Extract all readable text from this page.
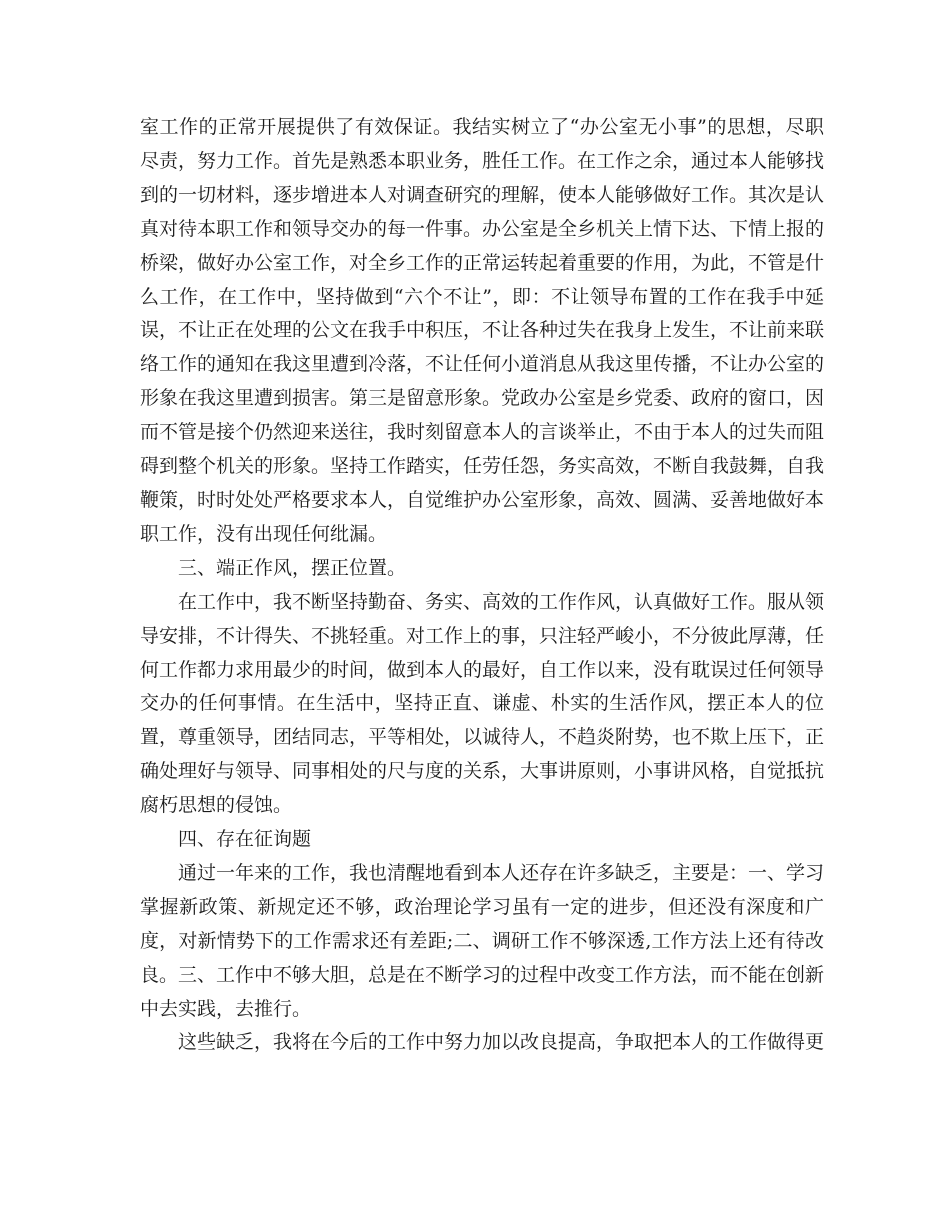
室工作的正常开展提供了有效保证。我结实树立了“办公室无小事”的思想，尽职尽责，努力工作。首先是熟悉本职业务，胜任工作。在工作之余，通过本人能够找到的一切材料，逐步增进本人对调查研究的理解，使本人能够做好工作。其次是认真对待本职工作和领导交办的每一件事。办公室是全乡机关上情下达、下情上报的桥梁，做好办公室工作，对全乡工作的正常运转起着重要的作用，为此，不管是什么工作，在工作中，坚持做到“六个不让”，即：不让领导布置的工作在我手中延误，不让正在处理的公文在我手中积压，不让各种过失在我身上发生，不让前来联络工作的通知在我这里遭到冷落，不让任何小道消息从我这里传播，不让办公室的形象在我这里遭到损害。第三是留意形象。党政办公室是乡党委、政府的窗口，因而不管是接个仍然迎来送往，我时刻留意本人的言谈举止，不由于本人的过失而阻碍到整个机关的形象。坚持工作踏实，任劳任怨，务实高效，不断自我鼓舞，自我鞭策，时时处处严格要求本人，自觉维护办公室形象，高效、圆满、妥善地做好本职工作，没有出现任何纰漏。

三、端正作风，摆正位置。

在工作中，我不断坚持勤奋、务实、高效的工作作风，认真做好工作。服从领导安排，不计得失、不挑轻重。对工作上的事，只注轻严峻小，不分彼此厚薄，任何工作都力求用最少的时间，做到本人的最好，自工作以来，没有耽误过任何领导交办的任何事情。在生活中，坚持正直、谦虚、朴实的生活作风，摆正本人的位置，尊重领导，团结同志，平等相处，以诚待人，不趋炎附势，也不欺上压下，正确处理好与领导、同事相处的尺与度的关系，大事讲原则，小事讲风格，自觉抵抗腐朽思想的侵蚀。

四、存在征询题

通过一年来的工作，我也清醒地看到本人还存在许多缺乏，主要是：一、学习掌握新政策、新规定还不够，政治理论学习虽有一定的进步，但还没有深度和广度，对新情势下的工作需求还有差距;二、调研工作不够深透,工作方法上还有待改良。三、工作中不够大胆，总是在不断学习的过程中改变工作方法，而不能在创新中去实践，去推行。

这些缺乏，我将在今后的工作中努力加以改良提高，争取把本人的工作做得更
